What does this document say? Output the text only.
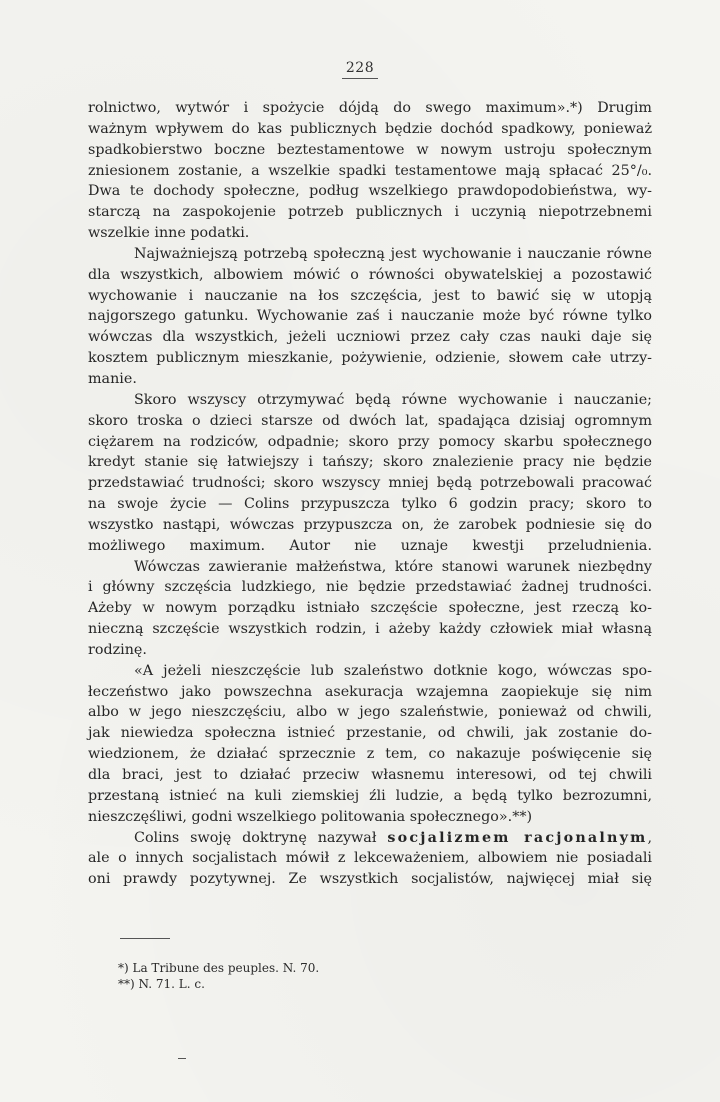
228
rolnictwo, wytwór i spożycie dójdą do swego maximum».*) Drugim
ważnym wpływem do kas publicznych będzie dochód spadkowy, ponieważ
spadkobierstwo boczne beztestamentowe w nowym ustroju społecznym
zniesionem zostanie, a wszelkie spadki testamentowe mają spłacać 25°/₀.
Dwa te dochody społeczne, podług wszelkiego prawdopodobieństwa, wy-
starczą na zaspokojenie potrzeb publicznych i uczynią niepotrzebnemi
wszelkie inne podatki.
Najważniejszą potrzebą społeczną jest wychowanie i nauczanie równe
dla wszystkich, albowiem mówić o równości obywatelskiej a pozostawić
wychowanie i nauczanie na łos szczęścia, jest to bawić się w utopją
najgorszego gatunku. Wychowanie zaś i nauczanie może być równe tylko
wówczas dla wszystkich, jeżeli uczniowi przez cały czas nauki daje się
kosztem publicznym mieszkanie, pożywienie, odzienie, słowem całe utrzy-
manie.
Skoro wszyscy otrzymywać będą równe wychowanie i nauczanie;
skoro troska o dzieci starsze od dwóch lat, spadająca dzisiaj ogromnym
ciężarem na rodziców, odpadnie; skoro przy pomocy skarbu społecznego
kredyt stanie się łatwiejszy i tańszy; skoro znalezienie pracy nie będzie
przedstawiać trudności; skoro wszyscy mniej będą potrzebowali pracować
na swoje życie — Colins przypuszcza tylko 6 godzin pracy; skoro to
wszystko nastąpi, wówczas przypuszcza on, że zarobek podniesie się do
możliwego maximum. Autor nie uznaje kwestji przeludnienia.
Wówczas zawieranie małżeństwa, które stanowi warunek niezbędny
i główny szczęścia ludzkiego, nie będzie przedstawiać żadnej trudności.
Ażeby w nowym porządku istniało szczęście społeczne, jest rzeczą ko-
nieczną szczęście wszystkich rodzin, i ażeby każdy człowiek miał własną
rodzinę.
«A jeżeli nieszczęście lub szaleństwo dotknie kogo, wówczas spo-
łeczeństwo jako powszechna asekuracja wzajemna zaopiekuje się nim
albo w jego nieszczęściu, albo w jego szaleństwie, ponieważ od chwili,
jak niewiedza społeczna istnieć przestanie, od chwili, jak zostanie do-
wiedzionem, że działać sprzecznie z tem, co nakazuje poświęcenie się
dla braci, jest to działać przeciw własnemu interesowi, od tej chwili
przestaną istnieć na kuli ziemskiej źli ludzie, a będą tylko bezrozumni,
nieszczęśliwi, godni wszelkiego politowania społecznego».**)
Colins swoję doktrynę nazywał socjalizmem racjonalnym,
ale o innych socjalistach mówił z lekceważeniem, albowiem nie posiadali
oni prawdy pozytywnej. Ze wszystkich socjalistów, najwięcej miał się
*) La Tribune des peuples. N. 70.
**) N. 71. L. c.
